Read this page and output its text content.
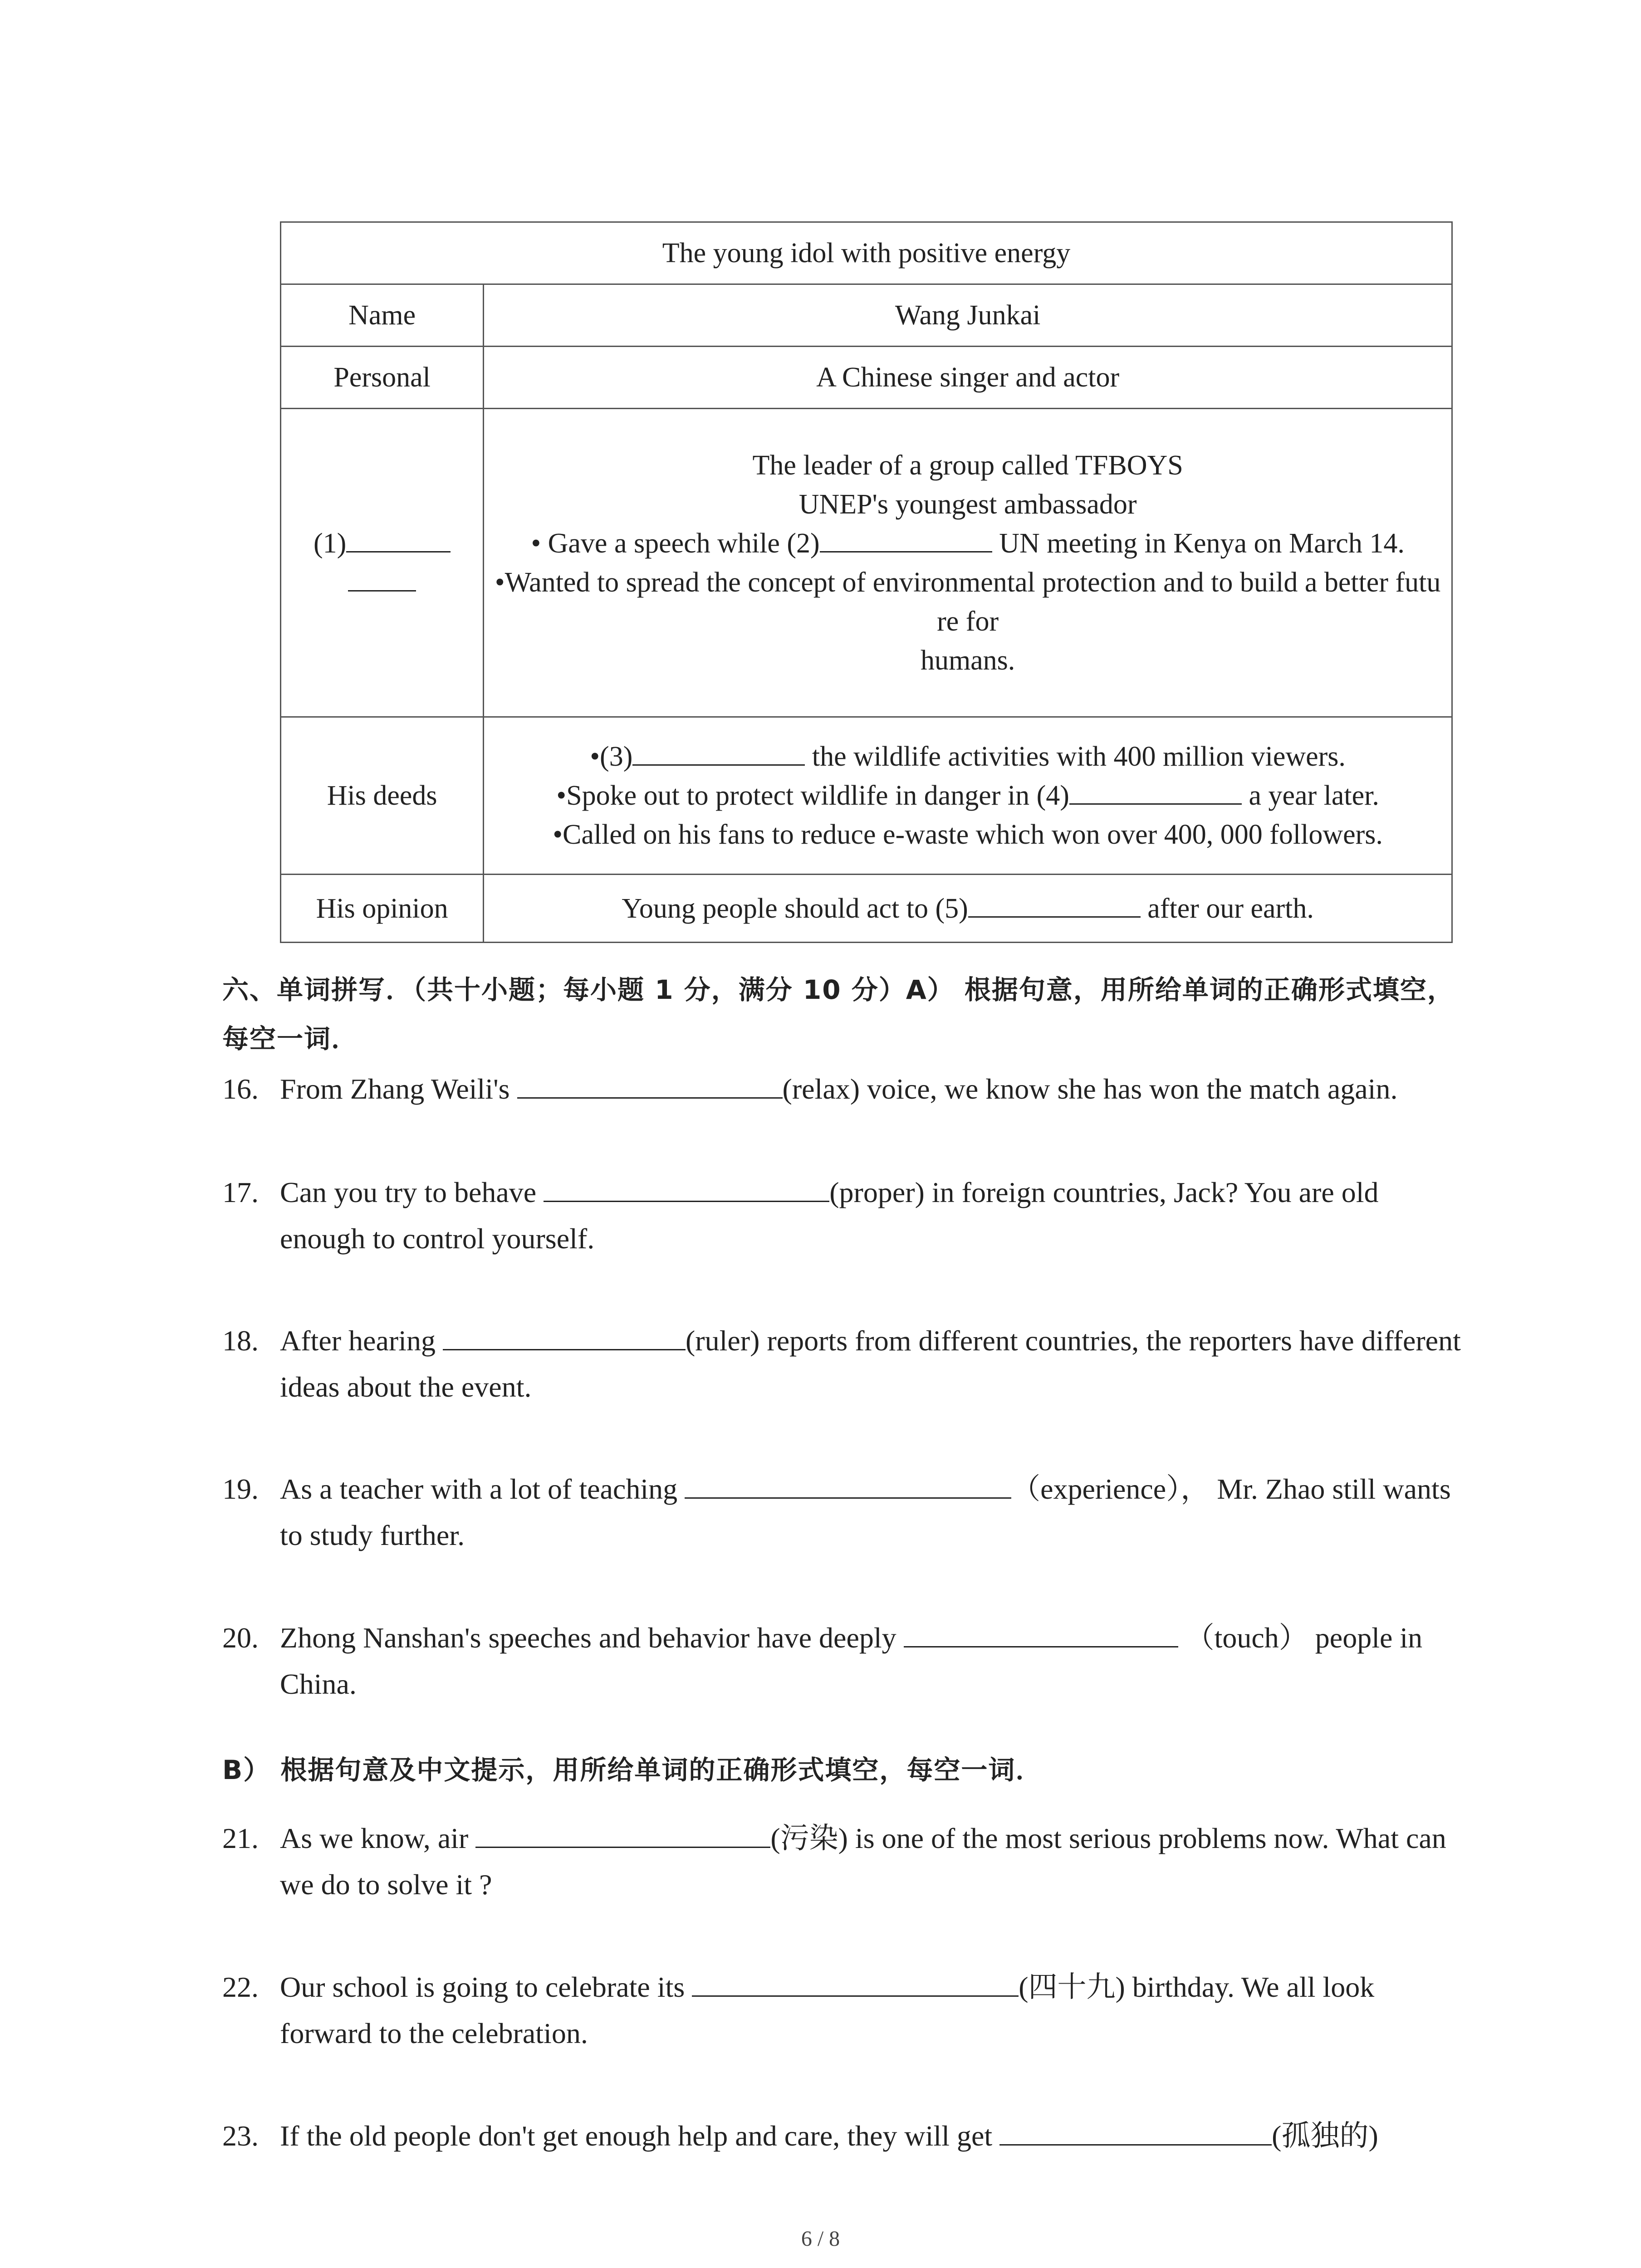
The young idol with positive energy	
Name	Wang Junkai
Personal	A Chinese singer and actor
(1)	The leader of a group called TFBOYS
UNEP's youngest ambassador
• Gave a speech while (2) UN meeting in Kenya on March 14.
•Wanted to spread the concept of environmental protection and to build a better future for
humans.

His deeds	•(3) the wildlife activities with 400 million viewers.
•Spoke out to protect wildlife in danger in (4) a year later.
•Called on his fans to reduce e-waste which won over 400, 000 followers.

His opinion	Young people should act to (5) after our earth.
六、单词拼写．（共十小题；每小题 1 分，满分 10 分）A） 根据句意，用所给单词的正确形式填空，每空一词．
16. From Zhang Weili's	(relax) voice, we know she has won the match again.
17. Can you try to behave	(proper) in foreign countries, Jack? You are old enough to control yourself.
18. After hearing	(ruler) reports from different countries, the reporters have different ideas about the event.
19. As a teacher with a lot of teaching	（experience）， Mr. Zhao still wants to study further.
20. Zhong Nanshan's speeches and behavior have deeply	（touch） people in China.
B） 根据句意及中文提示，用所给单词的正确形式填空，每空一词．
21. As we know, air	(污染) is one of the most serious problems now. What can we do to solve it ?
22. Our school is going to celebrate its	(四十九) birthday. We all look forward to the celebration.
23. If the old people don't get enough help and care, they will get	(孤独的)
6 / 8
